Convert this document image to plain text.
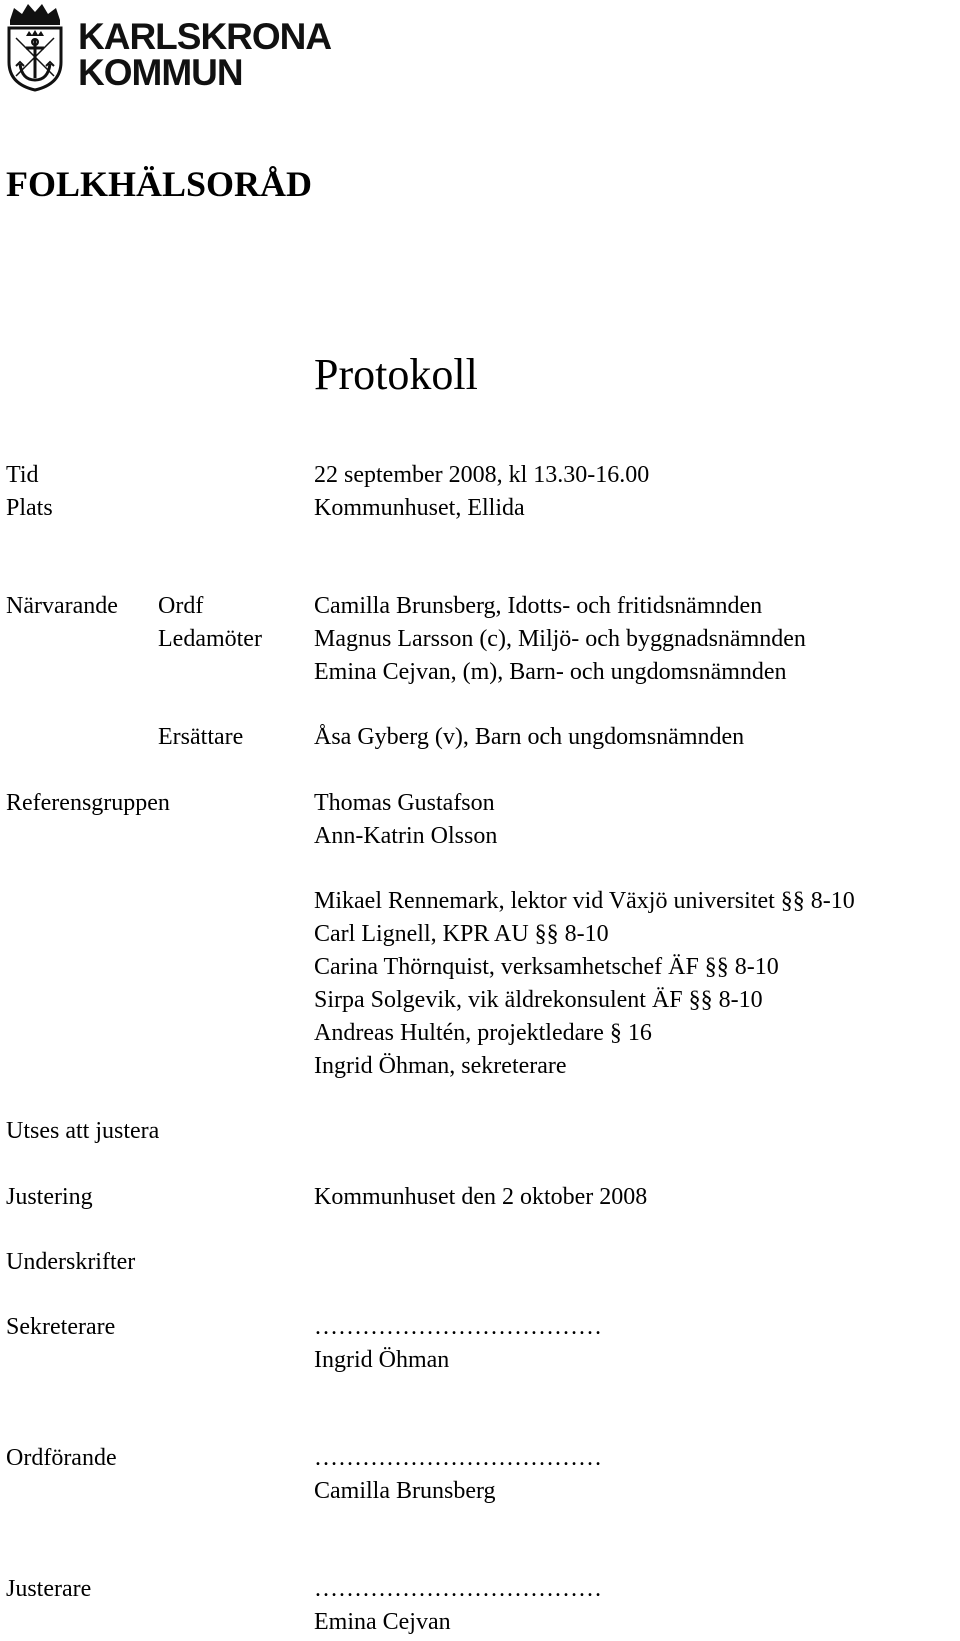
KARLSKRONA
KOMMUN
FOLKHÄLSORÅD
Protokoll
Tid	22 september 2008, kl 13.30-16.00
Plats	Kommunhuset, Ellida
Närvarande Ordf	Camilla Brunsberg, Idotts- och fritidsnämnden
Ledamöter Magnus Larsson (c), Miljö- och byggnadsnämnden
Emina Cejvan, (m), Barn- och ungdomsnämnden
Ersättare	Åsa Gyberg (v), Barn och ungdomsnämnden
Referensgruppen	Thomas Gustafson
Ann-Katrin Olsson
Mikael Rennemark, lektor vid Växjö universitet §§ 8-10
Carl Lignell, KPR AU §§ 8-10
Carina Thörnquist, verksamhetschef ÄF §§ 8-10
Sirpa Solgevik, vik äldrekonsulent ÄF §§ 8-10
Andreas Hultén, projektledare § 16
Ingrid Öhman, sekreterare
Utses att justera
Justering	Kommunhuset den 2 oktober 2008
Underskrifter
Sekreterare	………………………………
Ingrid Öhman
Ordförande	………………………………
Camilla Brunsberg
Justerare	………………………………
Emina Cejvan
